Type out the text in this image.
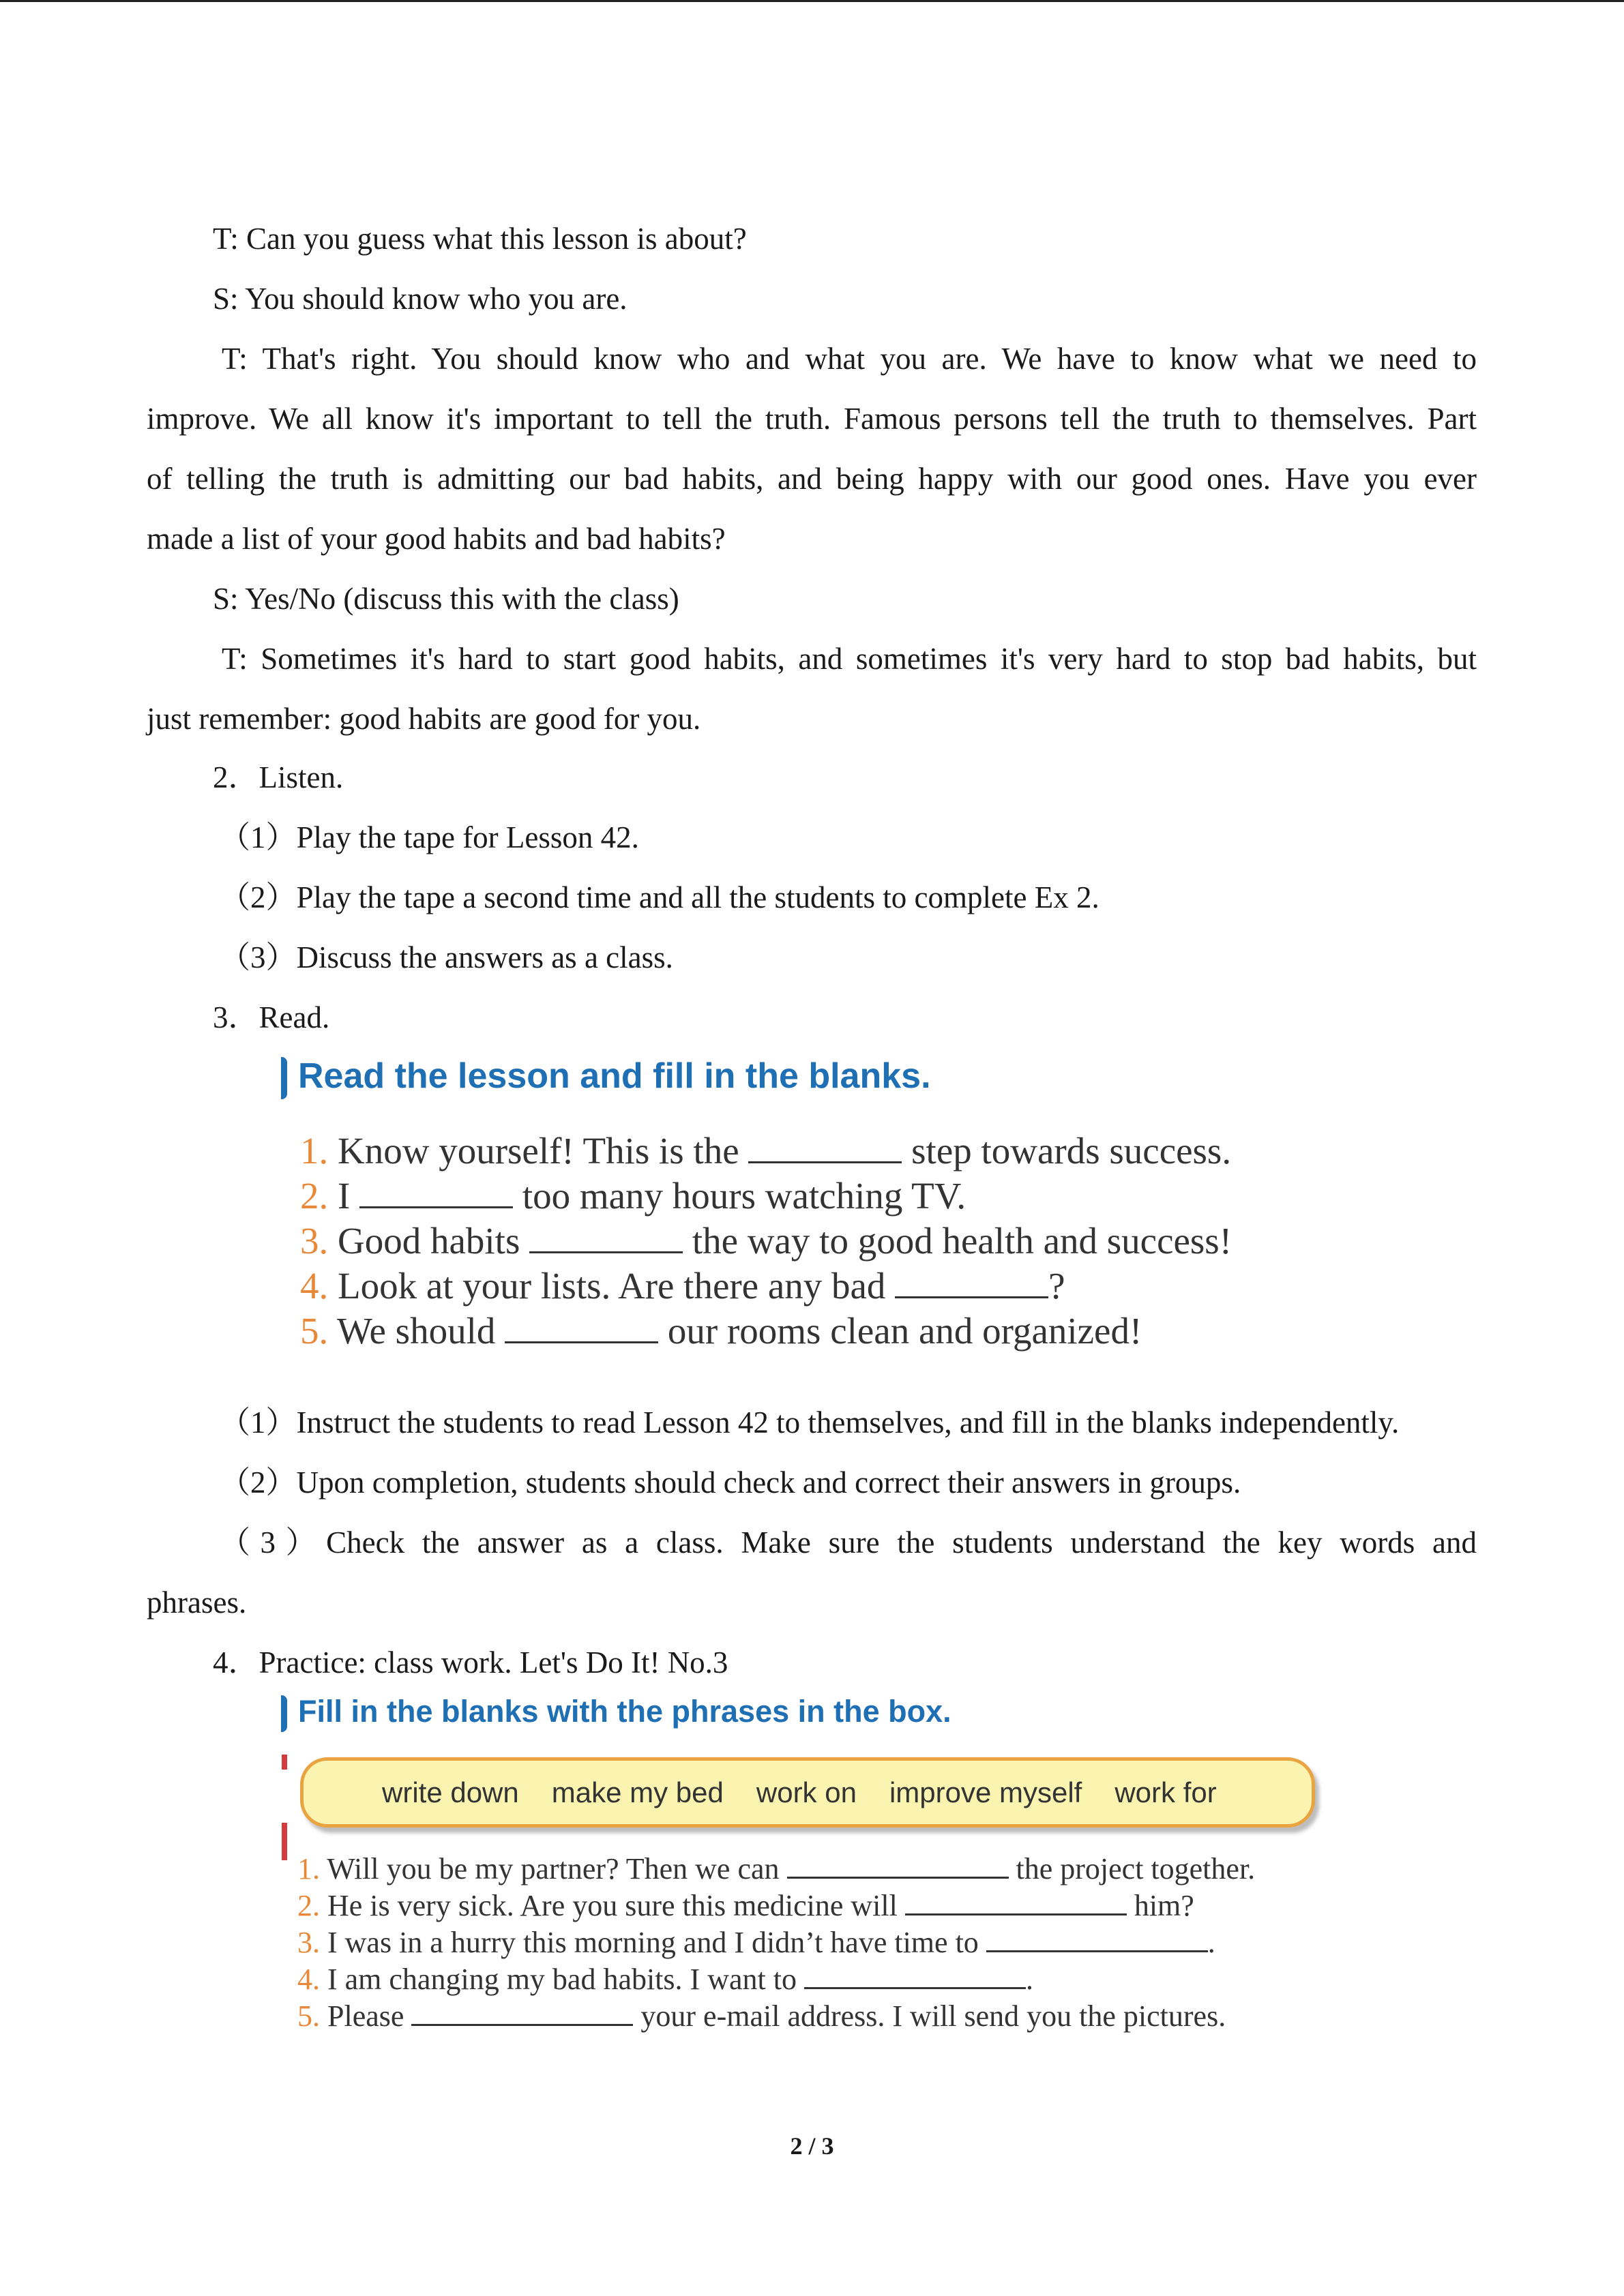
T: Can you guess what this lesson is about?

S: You should know who you are.

T: That's right. You should know who and what you are. We have to know what we need to
improve. We all know it's important to tell the truth. Famous persons tell the truth to themselves. Part
of telling the truth is admitting our bad habits, and being happy with our good ones. Have you ever
made a list of your good habits and bad habits?

S: Yes/No (discuss this with the class)

T: Sometimes it's hard to start good habits, and sometimes it's very hard to stop bad habits, but
just remember: good habits are good for you.
2．Listen.
（1）Play the tape for Lesson 42.
（2）Play the tape a second time and all the students to complete Ex 2.
（3）Discuss the answers as a class.
3．Read.
Read the lesson and fill in the blanks.
1. Know yourself! This is the	step towards success.
2. I	too many hours watching TV.
3. Good habits	the way to good health and success!
4. Look at your lists. Are there any bad	?
5. We should	our rooms clean and organized!
（1）Instruct the students to read Lesson 42 to themselves, and fill in the blanks independently.
（2）Upon completion, students should check and correct their answers in groups.
（3）Check the answer as a class. Make sure the students understand the key words and
phrases.
4．Practice: class work. Let's Do It! No.3
Fill in the blanks with the phrases in the box.
write down make my bed work on improve myself work for
1. Will you be my partner? Then we can	the project together.
2. He is very sick. Are you sure this medicine will	him?
3. I was in a hurry this morning and I didn’t have time to	.
4. I am changing my bad habits. I want to	.
5. Please	your e-mail address. I will send you the pictures.
2 / 3
